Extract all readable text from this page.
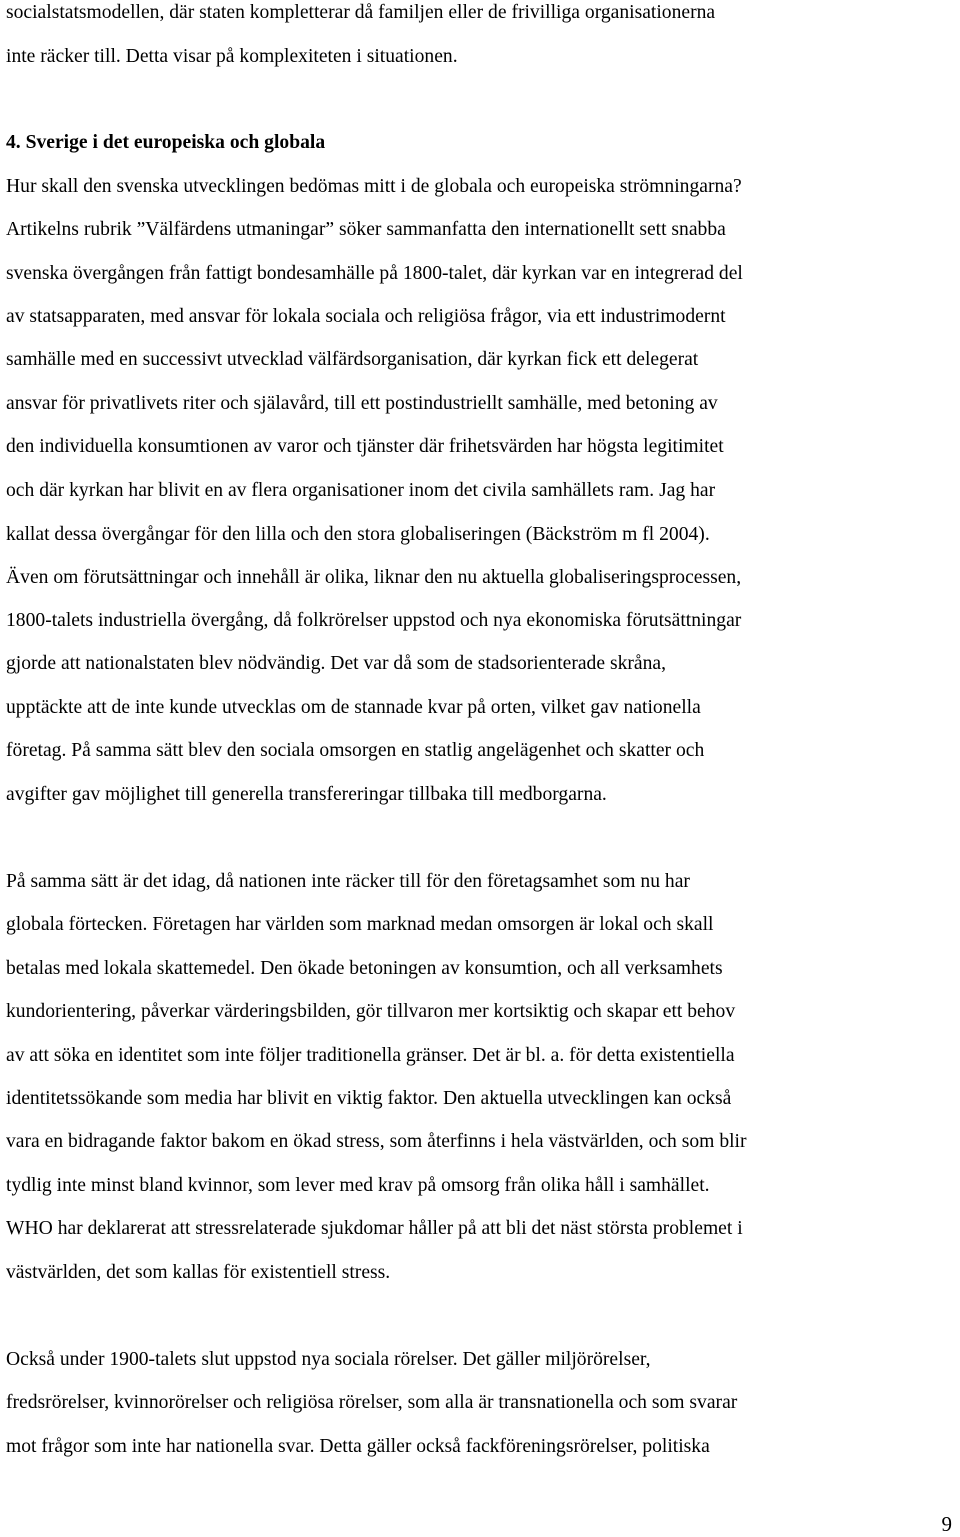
socialstatsmodellen, där staten kompletterar då familjen eller de frivilliga organisationerna
inte räcker till. Detta visar på komplexiteten i situationen.
4. Sverige i det europeiska och globala
Hur skall den svenska utvecklingen bedömas mitt i de globala och europeiska strömningarna?
Artikelns rubrik ”Välfärdens utmaningar” söker sammanfatta den internationellt sett snabba
svenska övergången från fattigt bondesamhälle på 1800-talet, där kyrkan var en integrerad del
av statsapparaten, med ansvar för lokala sociala och religiösa frågor, via ett industrimodernt
samhälle med en successivt utvecklad välfärdsorganisation, där kyrkan fick ett delegerat
ansvar för privatlivets riter och själavård, till ett postindustriellt samhälle, med betoning av
den individuella konsumtionen av varor och tjänster där frihetsvärden har högsta legitimitet
och där kyrkan har blivit en av flera organisationer inom det civila samhällets ram. Jag har
kallat dessa övergångar för den lilla och den stora globaliseringen (Bäckström m fl 2004).
Även om förutsättningar och innehåll är olika, liknar den nu aktuella globaliseringsprocessen,
1800-talets industriella övergång, då folkrörelser uppstod och nya ekonomiska förutsättningar
gjorde att nationalstaten blev nödvändig. Det var då som de stadsorienterade skråna,
upptäckte att de inte kunde utvecklas om de stannade kvar på orten, vilket gav nationella
företag. På samma sätt blev den sociala omsorgen en statlig angelägenhet och skatter och
avgifter gav möjlighet till generella transfereringar tillbaka till medborgarna.
På samma sätt är det idag, då nationen inte räcker till för den företagsamhet som nu har
globala förtecken. Företagen har världen som marknad medan omsorgen är lokal och skall
betalas med lokala skattemedel. Den ökade betoningen av konsumtion, och all verksamhets
kundorientering, påverkar värderingsbilden, gör tillvaron mer kortsiktig och skapar ett behov
av att söka en identitet som inte följer traditionella gränser. Det är bl. a. för detta existentiella
identitetssökande som media har blivit en viktig faktor. Den aktuella utvecklingen kan också
vara en bidragande faktor bakom en ökad stress, som återfinns i hela västvärlden, och som blir
tydlig inte minst bland kvinnor, som lever med krav på omsorg från olika håll i samhället.
WHO har deklarerat att stressrelaterade sjukdomar håller på att bli det näst största problemet i
västvärlden, det som kallas för existentiell stress.
Också under 1900-talets slut uppstod nya sociala rörelser. Det gäller miljörörelser,
fredsrörelser, kvinnorörelser och religiösa rörelser, som alla är transnationella och som svarar
mot frågor som inte har nationella svar. Detta gäller också fackföreningsrörelser, politiska
9
